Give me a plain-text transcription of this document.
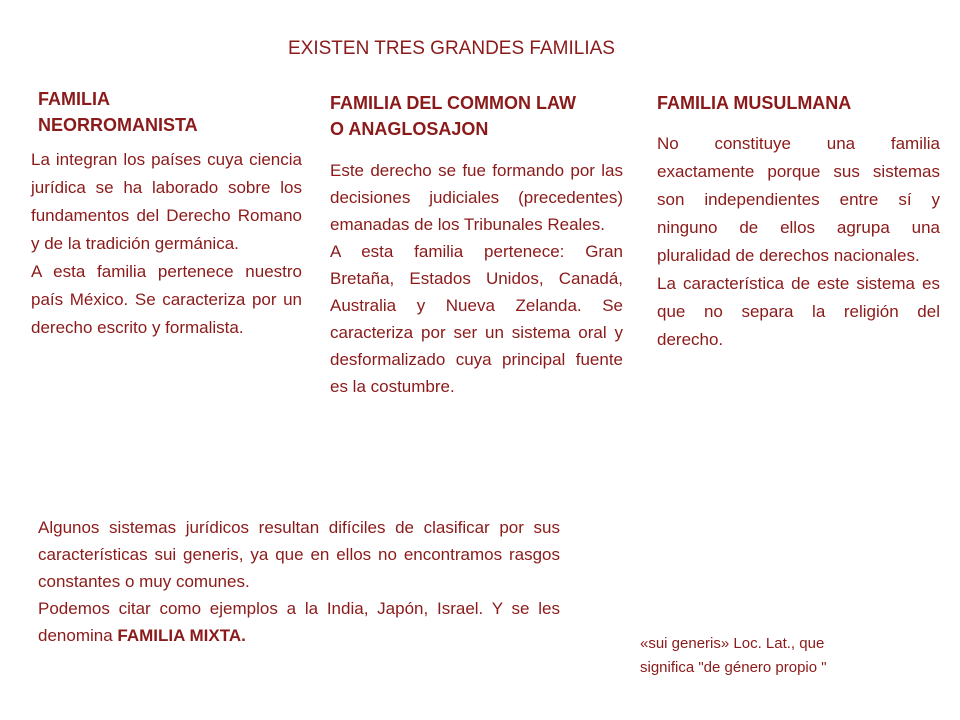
EXISTEN TRES GRANDES FAMILIAS
FAMILIA
NEORROMANISTA

La integran los países cuya ciencia jurídica se ha laborado sobre los fundamentos del Derecho Romano y de la tradición germánica.

A esta familia pertenece nuestro país México. Se caracteriza por un derecho escrito y formalista.

FAMILIA DEL COMMON LAW
O ANAGLOSAJON

Este derecho se fue formando por las decisiones judiciales (precedentes) emanadas de los Tribunales Reales.

A esta familia pertenece: Gran Bretaña, Estados Unidos, Canadá, Australia y Nueva Zelanda. Se caracteriza por ser un sistema oral y desformalizado cuya principal fuente es la costumbre.

FAMILIA MUSULMANA

No constituye una familia exactamente porque sus sistemas son independientes entre sí y ninguno de ellos agrupa una pluralidad de derechos nacionales.

La característica de este sistema es que no separa la religión del derecho.

Algunos sistemas jurídicos resultan difíciles de clasificar por sus características sui generis, ya que en ellos no encontramos rasgos constantes o muy comunes.

Podemos citar como ejemplos a la India, Japón, Israel. Y se les denomina FAMILIA MIXTA.	«sui generis» Loc. Lat., que
significa "de género propio "
